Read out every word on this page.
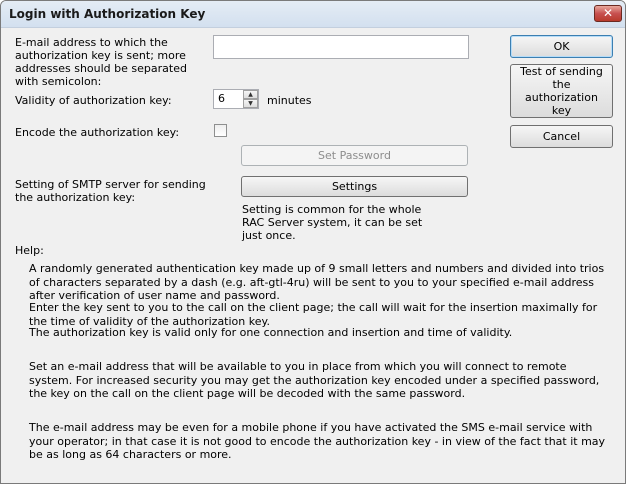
Login with Authorization Key	✕
E-mail address to which the authorization key is sent; more addresses should be separated with semicolon:
Validity of authorization key:	6	▲
▼	minutes
Encode the authorization key:
Set Password
Setting of SMTP server for sending the authorization key:
Settings
Setting is common for the whole RAC Server system, it can be set just once.
OK
Test of sending the authorization key
Cancel
Help:
A randomly generated authentication key made up of 9 small letters and numbers and divided into trios of characters separated by a dash (e.g. aft-gtl-4ru) will be sent to you to your specified e-mail address after verification of user name and password.
Enter the key sent to you to the call on the client page; the call will wait for the insertion maximally for the time of validity of the authorization key.
The authorization key is valid only for one connection and insertion and time of validity.
Set an e-mail address that will be available to you in place from which you will connect to remote system. For increased security you may get the authorization key encoded under a specified password, the key on the call on the client page will be decoded with the same password.
The e-mail address may be even for a mobile phone if you have activated the SMS e-mail service with your operator; in that case it is not good to encode the authorization key - in view of the fact that it may be as long as 64 characters or more.
